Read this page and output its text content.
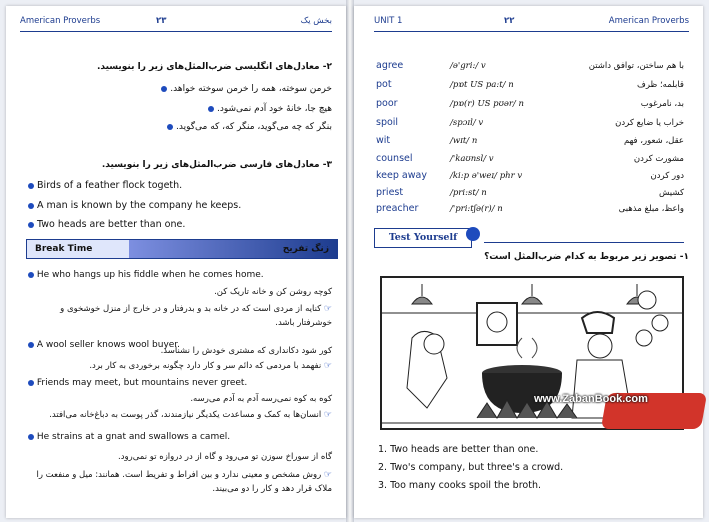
American Proverbs	۲۳	بخش یک
۲- معادل‌های انگلیسی ضرب‌المثل‌های زیر را بنویسید.
خرمن سوخته، همه را خرمن سوخته خواهد.
هیچ جا، خانهٔ خود آدم نمی‌شود.
بنگر که چه می‌گوید، منگر که، که می‌گوید.
۳- معادل‌های فارسی ضرب‌المثل‌های زیر را بنویسید.
Birds of a feather flock togeth.
A man is known by the company he keeps.
Two heads are better than one.
Break Time	زنگ تفریح
He who hangs up his fiddle when he comes home.
کوچه روشن کن و خانه تاریک کن.
☞ کنایه از مردی است که در خانه بد و بدرفتار و در خارج از منزل خوشخوی و خوشرفتار باشد.
A wool seller knows wool buyer.
کور شود دکانداری که مشتری خودش را نشناسد.
☞ نفهمد با مردمی که دائم سر و کار دارد چگونه برخوردی به کار برد.
Friends may meet, but mountains never greet.
کوه به کوه نمی‌رسه آدم به آدم می‌رسه.
☞ انسان‌ها به کمک و مساعدت یکدیگر نیازمندند، گذر پوست به دباغ‌خانه می‌افتد.
He strains at a gnat and swallows a camel.
گاه از سوراخ سوزن تو می‌رود و گاه از در دروازه تو نمی‌رود.
☞ روش مشخص و معینی ندارد و بین افراط و تفریط است. همانند: میل و منفعت را ملاک قرار دهد و کار را دو می‌بیند.
UNIT 1	۲۲	American Proverbs
agree	/ə'gri:/ v	با هم ساختن، توافق داشتن
pot	/pɒt US pa:t/ n	قابلمه؛ ظرف
poor	/pɒ(r) US pʊər/ n	بد، نامرغوب
spoil	/spɔɪl/ v	خراب یا ضایع کردن
wit	/wɪt/ n	عقل، شعور، فهم
counsel	/'kaʊnsl/ v	مشورت کردن
keep away	/ki:p ə'weɪ/ phr v	دور کردن
priest	/pri:st/ n	کشیش
preacher	/'pri:tʃə(r)/ n	واعظ، مبلغ مذهبی
Test Yourself
۱- تصویر زیر مربوط به کدام ضرب‌المثل است؟
www.ZabanBook.com
1. Two heads are better than one.
2. Two's company, but three's a crowd.
3. Too many cooks spoil the broth.
